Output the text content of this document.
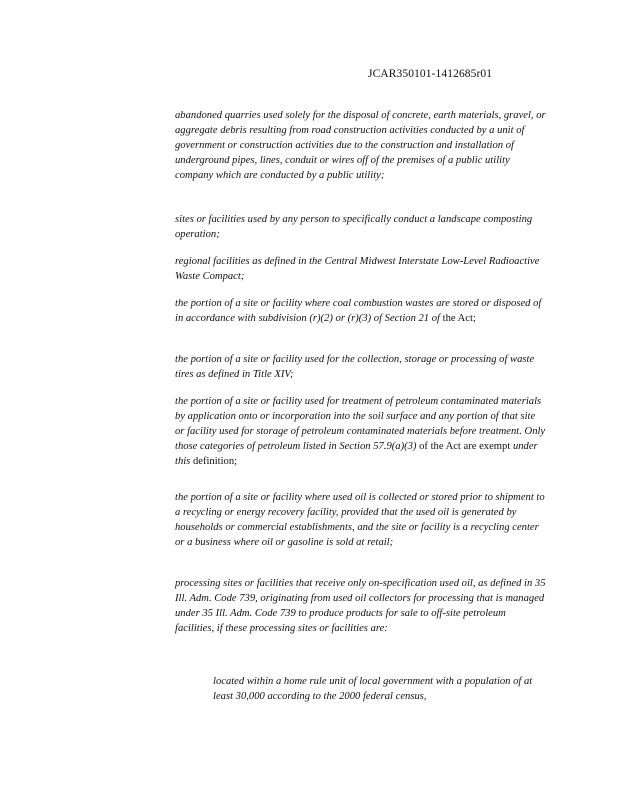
JCAR350101-1412685r01

abandoned quarries used solely for the disposal of concrete, earth materials, gravel, or aggregate debris resulting from road construction activities conducted by a unit of government or construction activities due to the construction and installation of underground pipes, lines, conduit or wires off of the premises of a public utility company which are conducted by a public utility;

sites or facilities used by any person to specifically conduct a landscape composting operation;

regional facilities as defined in the Central Midwest Interstate Low-Level Radioactive Waste Compact;

the portion of a site or facility where coal combustion wastes are stored or disposed of in accordance with subdivision (r)(2) or (r)(3) of Section 21 of the Act;

the portion of a site or facility used for the collection, storage or processing of waste tires as defined in Title XIV;

the portion of a site or facility used for treatment of petroleum contaminated materials by application onto or incorporation into the soil surface and any portion of that site or facility used for storage of petroleum contaminated materials before treatment. Only those categories of petroleum listed in Section 57.9(a)(3) of the Act are exempt under this definition;

the portion of a site or facility where used oil is collected or stored prior to shipment to a recycling or energy recovery facility, provided that the used oil is generated by households or commercial establishments, and the site or facility is a recycling center or a business where oil or gasoline is sold at retail;

processing sites or facilities that receive only on-specification used oil, as defined in 35 Ill. Adm. Code 739, originating from used oil collectors for processing that is managed under 35 Ill. Adm. Code 739 to produce products for sale to off-site petroleum facilities, if these processing sites or facilities are:

located within a home rule unit of local government with a population of at least 30,000 according to the 2000 federal census,
